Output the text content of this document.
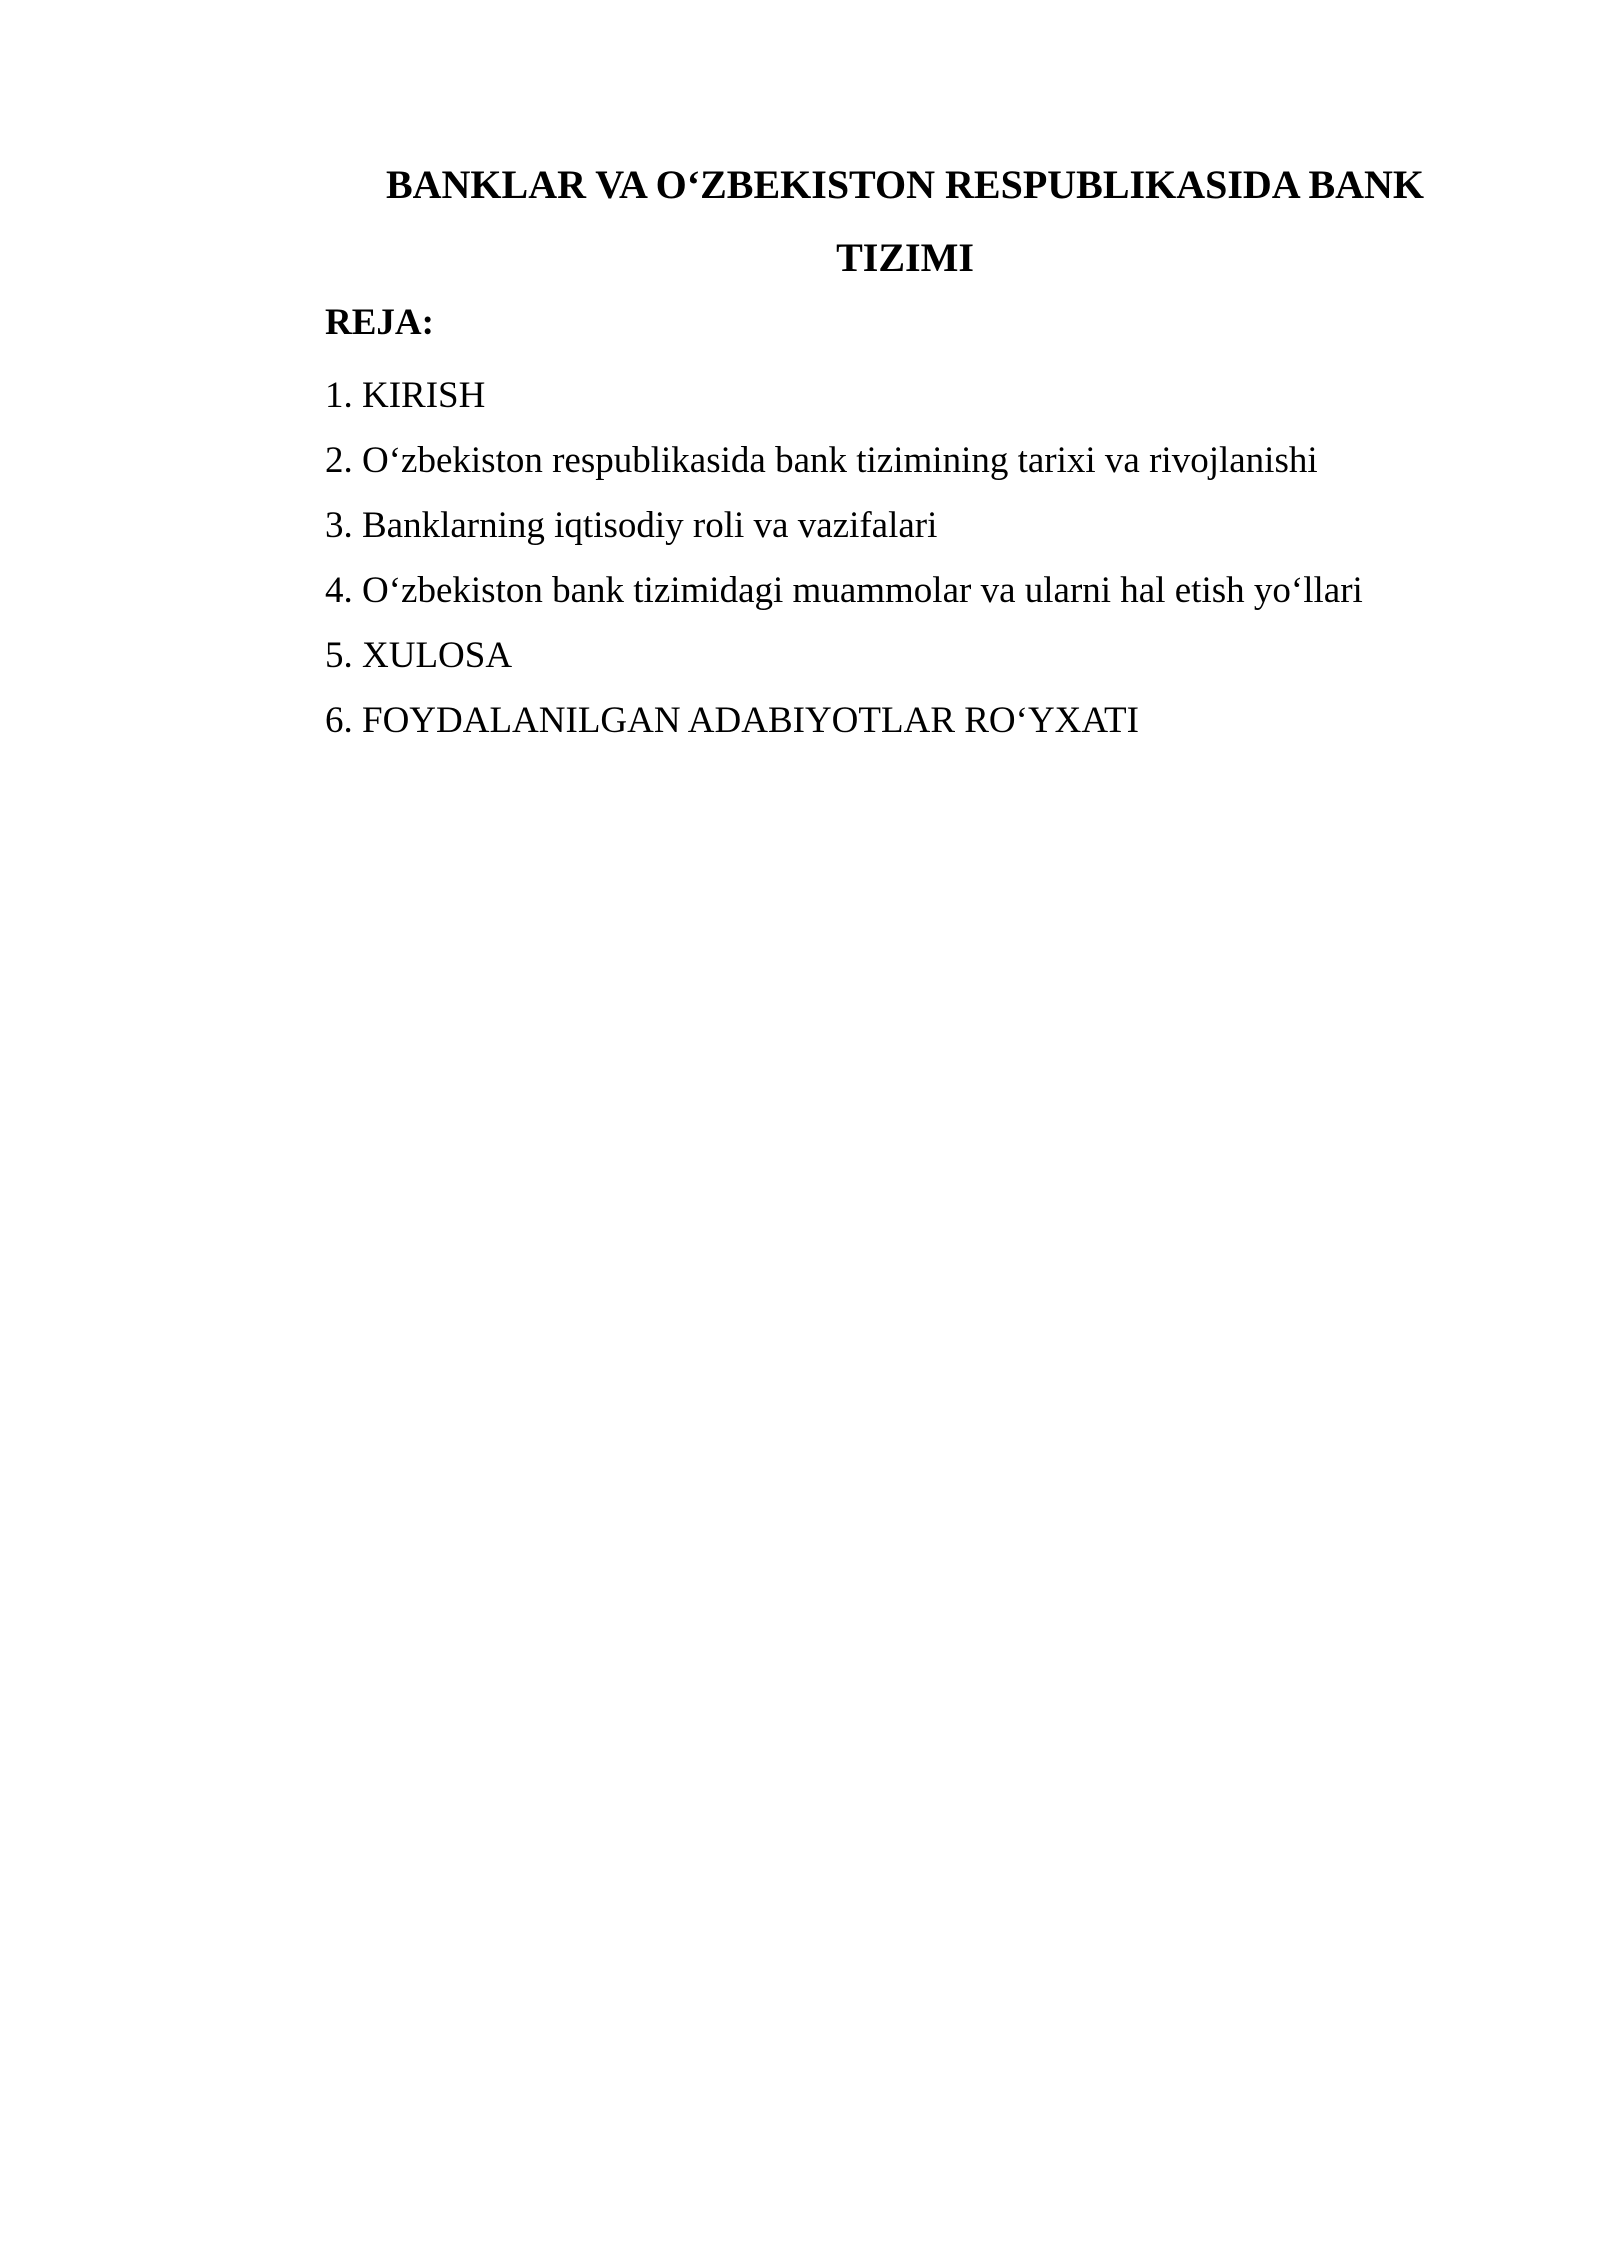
BANKLAR VA O‘ZBEKISTON RESPUBLIKASIDA BANK
TIZIMI
REJA:
1. KIRISH
2. O‘zbekiston respublikasida bank tizimining tarixi va rivojlanishi
3. Banklarning iqtisodiy roli va vazifalari
4. O‘zbekiston bank tizimidagi muammolar va ularni hal etish yo‘llari
5. XULOSA
6. FOYDALANILGAN ADABIYOTLAR RO‘YXATI
